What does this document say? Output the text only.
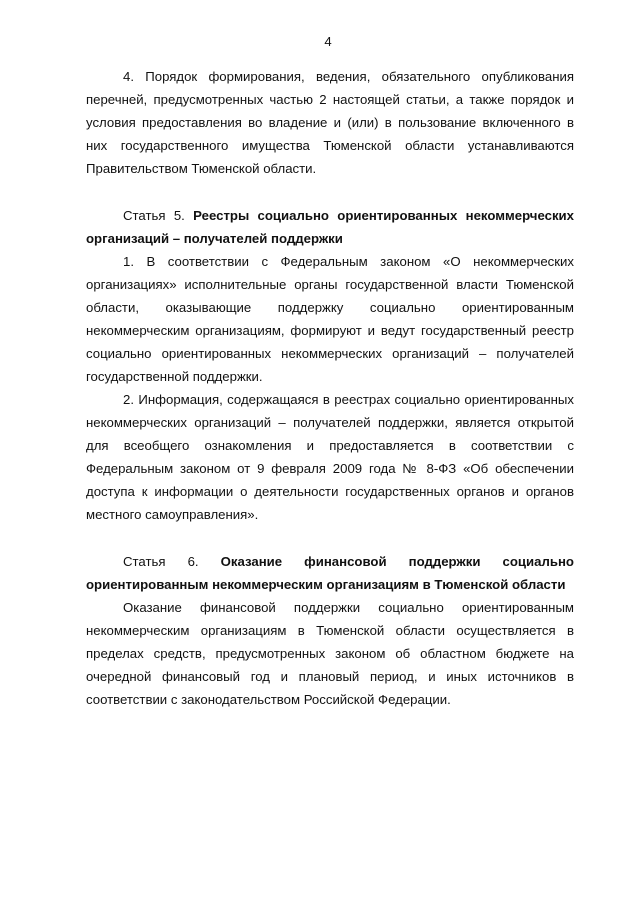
4

4. Порядок формирования, ведения, обязательного опубликования перечней, предусмотренных частью 2 настоящей статьи, а также порядок и условия предоставления во владение и (или) в пользование включенного в них государственного имущества Тюменской области устанавливаются Правительством Тюменской области.

Статья 5. Реестры социально ориентированных некоммерческих организаций – получателей поддержки

1. В соответствии с Федеральным законом «О некоммерческих организациях» исполнительные органы государственной власти Тюменской области, оказывающие поддержку социально ориентированным некоммерческим организациям, формируют и ведут государственный реестр социально ориентированных некоммерческих организаций – получателей государственной поддержки.

2. Информация, содержащаяся в реестрах социально ориентированных некоммерческих организаций – получателей поддержки, является открытой для всеобщего ознакомления и предоставляется в соответствии с Федеральным законом от 9 февраля 2009 года № 8-ФЗ «Об обеспечении доступа к информации о деятельности государственных органов и органов местного самоуправления».

Статья 6. Оказание финансовой поддержки социально ориентированным некоммерческим организациям в Тюменской области

Оказание финансовой поддержки социально ориентированным некоммерческим организациям в Тюменской области осуществляется в пределах средств, предусмотренных законом об областном бюджете на очередной финансовый год и плановый период, и иных источников в соответствии с законодательством Российской Федерации.
